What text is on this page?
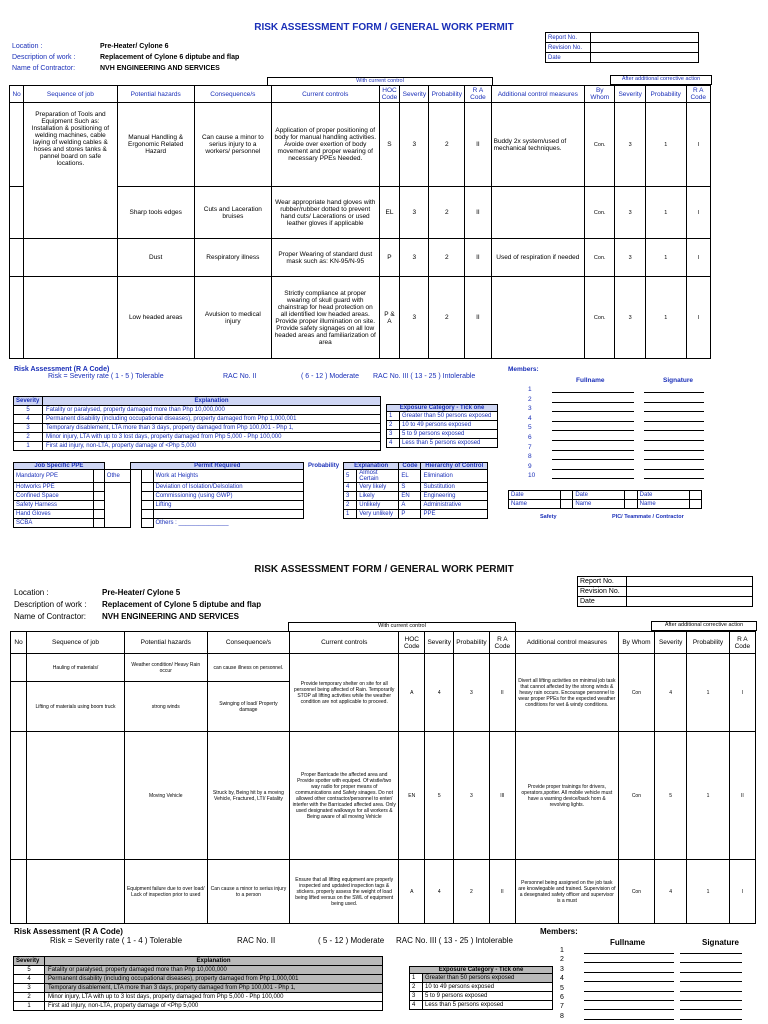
RISK ASSESSMENT FORM / GENERAL WORK PERMIT
Report No.	
Revision No.	
Date	
Location :	Pre-Heater/ Cylone 6
Description of work :	Replacement of Cylone 6 diptube and flap
Name of Contractor:	NVH ENGINEERING AND SERVICES
With current control	After additional corrective action
No	Sequence of job	Potential hazards	Consequence/s	Current controls	HOC Code	Severity	Probability	R A Code	Additional control measures	By Whom	Severity	Probability	R A Code
	Preparation of Tools and Equipment Such as: Installation & positioning of welding machines, cable laying of welding cables & hoses and stores tanks & pannel board on safe locations.	Manual Handling & Ergonomic Related Hazard	Can cause a minor to serius injury to a workers/ personnel	Application of proper positioning of body for manual handling activities. Avoide over exertion of body movement and proper wearing of necessary PPEs Needed.	S	3	2	II	Buddy 2x system/used of mechanical techniques.	Con.	3	1	I
		Sharp tools edges	Cuts and Laceration bruises	Wear appropriate hand gloves with rubber/rubber dotted to prevent hand cuts/ Lacerations or used leather gloves if applicable	EL	3	2	II		Con.	3	1	I
		Dust	Respiratory illness	Proper Wearing of standard dust mask such as: KN-95/N-95	P	3	2	II	Used of respiration if needed	Con.	3	1	I
		Low headed areas	Avulsion to medical injury	Strictly compliance at proper wearing of skull guard with chainstrap for head protection on all identified low headed areas. Provide proper illumination on site. Provide safety signages on all low headed areas and familiarization of area	P & A	3	2	II		Con.	3	1	I
Risk Assessment (R A Code)
Risk = Severity rate ( 1 - 5 ) Tolerable	RAC No. II	( 6 - 12 ) Moderate RAC No. III ( 13 - 25 ) Intolerable
Severity	Explanation
5	Fatality or paralysed, property damaged more than Php 10,000,000
4	Permanent disability (including occupational diseases), property damaged from Php 1,000,001
3	Temporary disablement, LTA more than 3 days, property damaged from Php 100,001 - Php 1,
2	Minor injury, LTA with up to 3 lost days, property damaged from Php 5,000 - Php 100,000
1	First aid injury, non-LTA, property damage of <Php 5,000
Exposure Category - Tick one	
1	Greater than 50 persons exposed
2	10 to 49 persons exposed
3	5 to 9 persons exposed
4	Less than 5 persons exposed
Job Specific PPE			Permit Required			Probability	Explanation		Code	Hierarchy of Control
Mandatory PPE		Othe			Work at Heights		5	Almost Certain	EL	Elimination
Hotworks PPE					Deviation of Isolation/Delsolation		4	Very likely	S	Substitution
Confined Space					Commissioning (using GWP)		3	Likely	EN	Engineering
Safety Harness					Lifting		2	Unlikely	A	Administrative
Hand Gloves							1	Very unlikely	P	PPE
SCBA					Others : _______________					
Members:
Fullname	Signature
1
2
3
4
5
6
7
8
9
10
Date		Date		Date	
Name		Name		Name	
Safety	PIC/ Teammate / Contractor
RISK ASSESSMENT FORM / GENERAL WORK PERMIT
Report No.	
Revision No.	
Date	
Location :	Pre-Heater/ Cylone 5
Description of work :	Replacement of Cylone 5 diptube and flap
Name of Contractor:	NVH ENGINEERING AND SERVICES
With current control	After additional corrective action
No	Sequence of job	Potential hazards	Consequence/s	Current controls	HOC Code	Severity	Probability	R A Code	Additional control measures	By Whom	Severity	Probability	R A Code
	Hauling of materials/	Weather condition/ Heavy Rain occur	can cause illness on personnel.	Provide temporary shelter on site for all personnel being affected of Rain. Temporarily STOP all lifting activities while the weather condition are not applicable to proceed.	A	4	3	II	Divert all lifting activities on minimal job task that cannot affected by the strong winds & heavy rain occurs. Encourage personnel to wear proper PPEs for the expected weather conditions for wet & windy conditions.	Con	4	1	I
	Lifting of materials using boom truck	strong winds	Swinging of load/ Property damage										
		Moving Vehicle	Struck by, Being hit by a moving Vehicle, Fractured, LTI/ Fatality	Proper Barricade the affected area and Provide spotter with equiped. Of wistle/two way radio for proper means of communications and Safety sinages. Do not allowed other contractor/personnel to enter/ interfer with the Barricaded affected area. Only used designated walkways for all workers & Being aware of all moving Vehicle	EN	5	3	III	Provide proper trainings for drivers, operators,spotter. All mobile vehicle must have a warning device/back horn & revolving lights.	Con	5	1	II
		Equipment failure due to over load/ Lack of inspection prior to used	Can cause a minor to serius injury to a person	Ensure that all lifting equipment are properly inspected and updated inspection tags & stickers. properly assess the weight of load being lifted versus on the SWL of equipment being used.	A	4	2	II	Personnel being assigned on the job task are knowlegable and trained. Supervision of a desegnated safety officer and supervisor is a must	Con	4	1	I
Risk Assessment (R A Code)
Risk = Severity rate ( 1 - 4 ) Tolerable	RAC No. II	( 5 - 12 ) Moderate RAC No. III ( 13 - 25 ) Intolerable
Severity	Explanation
5	Fatality or paralysed, property damaged more than Php 10,000,000
4	Permanent disability (including occupational diseases), property damaged from Php 1,000,001
3	Temporary disablement, LTA more than 3 days, property damaged from Php 100,001 - Php 1,
2	Minor injury, LTA with up to 3 lost days, property damaged from Php 5,000 - Php 100,000
1	First aid injury, non-LTA, property damage of <Php 5,000
Exposure Category - Tick one	
1	Greater than 50 persons exposed
2	10 to 49 persons exposed
3	5 to 9 persons exposed
4	Less than 5 persons exposed
Members:
Fullname	Signature
1
2
3
4
5
6
7
8
